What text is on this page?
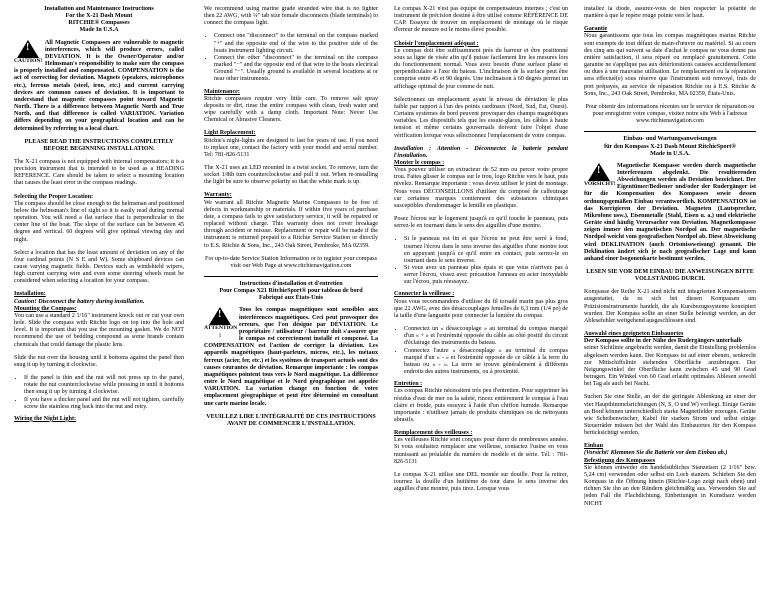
Installation and Maintenance Instructions
For the X-21 Dash Mount
RITCHIE® Compasses
Made In U.S.A
!
CAUTION!

All Magnetic Compasses are vulnerable to magnetic interferences, which will produce errors, called DEVIATION. It is the Owner/Operator and/or Helmsman's responsibility to make sure the compass is properly installed and compensated. COMPENSATION is the act of correcting for deviation. Magnets (speakers, microphones etc.), ferrous metals (steel, iron, etc.) and current carrying devices are common causes of deviation. It is important to understand that magnetic compasses point toward Magnetic North. There is a difference between Magnetic North and True North, and that difference is called VARIATION. Variation differs depending on your geographical location and can be determined by referring to a local chart.

PLEASE READ THE INSTRUCTIONS COMPLETELY BEFORE BEGINNING INSTALLATION.

The X-21 compass is not equipped with internal compensators; it is a precision instrument that is intended to be used as a HEADING REFERENCE. Care should be taken to select a mounting location that causes the least error in the compass readings.

Selecting the Proper Location:

The compass should be close enough to the helmsman and positioned below the helmsman's line of sight so it is easily read during normal operation. You will need a flat surface that is perpendicular to the center line of the boat. The slope of the surface can be between 45 degree and vertical. 60 degrees will give optimal viewing day and night.

Select a location that has the least amount of deviation on any of the four cardinal points (N S E and W). Some shipboard devices can cause varying magnetic fields. Devices such as windshield wipers, high current carrying wire and even some steering wheels must be considered when selecting a location for your compass.

Installation:
Caution! Disconnect the battery during installation.
Mounting the Compass:

You can use a standard 2 1/16" instrument knock out or cut your own hole. Slide the compass with Ritchie logo on top into the hole and level. It is important that you use the mounting gasket. We do NOT recommend the use of bedding compound as some brands contain chemicals that could damage the plastic lens.

Slide the nut over the housing until it bottoms against the panel then snug it up by turning it clockwise.

• If the panel is thin and the nut will not press up to the panel, rotate the nut counterclockwise while pressing in until it bottoms then snug it up by turning it clockwise.
• If you have a thicker panel and the nut will not tighten, carefully screw the stainless ring back into the nut and retry.
Wiring the Night Light:

We recommend using marine grade stranded wire that is no lighter then 22 AWG, with ¼" tab size female disconnects (blade terminals) to connect the compass light.

• Connect one "disconnect" to the terminal on the compass marked "+" and the opposite end of the wire to the positive side of the boats instrument lighting circuit.
• Connect the other "disconnect" to the terminal on the compass marked "−" and the opposite end of that wire to the boats electrical Ground "−". Usually ground is available in several locations at or near other instruments.
Maintenance:

Ritchie compasses require very little care. To remove salt spray deposits or dirt, rinse the entire compass with clean, fresh water and wipe carefully with a damp cloth. Important Note: Never Use Chemical or Abrasive Cleaners.

Light Replacement:

Ritchie's night-lights are designed to last for years of use. If you need to replace one, contact the factory with your model and serial number. Tel: 781-826-5131

The X-21 uses an LED mounted in a twist socket. To remove, turn the socket 1/8th turn counterclockwise and pull it out. When re-installing the light be sure to observe polarity so that the white mark is up.

Warranty:

We warrant all Ritchie Magnetic Marine Compasses to be free of defects in workmanship or materials. If within five years of purchase date, a compass fails to give satisfactory service, it will be repaired or replaced without charge. This warranty does not cover breakage through accident or misuse. Replacement or repair will be made if the instrument is returned prepaid to a Ritchie Service Station or directly to E.S. Ritchie & Sons, Inc., 243 Oak Street, Pembroke, MA 02359.

For up-to-date Service Station Information or to register your compass visit our Web Page at www.ritchienavigation.com

Instructions d'installation et d'entretien
Pour Compas X21 RitchieSport® pour tableau de bord
Fabriqué aux États-Unis
!
ATTENTION !

Tous les compas magnétiques sont sensibles aux interférences magnétiques. Ceci peut provoquer des erreurs, que l'on désigne par DÉVIATION. Le propriétaire / utilisateur / barreur doit s'assurer que le compas est correctement installé et compensé. La COMPENSATION est l'action de corriger la déviation. Les appareils magnétiques (haut-parleurs, micros, etc.), les métaux ferreux (acier, fer, etc.) et les systèmes de transport actuels sont des causes courantes de déviation. Remarque importante : les compas magnétiques pointent tous vers le Nord magnétique. La différence entre le Nord magnétique et le Nord géographique est appelée VARIATION. La variation change en fonction de votre emplacement géographique et peut être déterminé en consultant une carte marine locale.

VEUILLEZ LIRE L'INTÉGRALITÉ DE CES INSTRUCTIONS AVANT DE COMMENCER L'INSTALLATION.

Le compas X-21 n'est pas équipé de compensateurs internes ; c'est un instrument de précision destiné à être utilisé comme RÉFÉRENCE DE CAP. Essayez de trouver un emplacement de montage où le risque d'erreur de mesure est le moins élevé possible.

Choisir l'emplacement adéquat :

Le compas doit être suffisamment près du barreur et être positionné sous sa ligne de visée afin qu'il puisse facilement lire les mesures lors du fonctionnement normal. Vous avez besoin d'une surface plane et perpendiculaire à l'axe du bateau. L'inclinaison de la surface peut être comprise entre 45 et 90 degrés. Une inclinaison à 60 degrés permet un affichage optimal de jour comme de nuit.

Sélectionnez un emplacement ayant le niveau de déviation le plus faible par rapport à l'un des points cardinaux (Nord, Sud, Est, Ouest). Certains systèmes de bord peuvent provoquer des champs magnétiques variables. Les dispositifs tels que les essuie-glaces, les câbles à haute tension et même certains gouvernails doivent faire l'objet d'une vérification lorsque vous sélectionnez l'emplacement de votre compas.

Installation : Attention - Déconnectez la batterie pendant l'installation.
Monter le compas :

Vous pouvez utiliser un extracteur de 52 mm ou percer votre propre trou. Faites glisser le compas sur le trou, logo Ritchie vers le haut, puis nivelez. Remarque importante : vous devez utiliser le joint de montage. Nous vous DÉCONSEILLONS d'utiliser du composé de calfeutrage car certaines marques contiennent des substances chimiques susceptibles d'endommager la lentille en plastique.

Posez l'écrou sur le logement jusqu'à ce qu'il touche le panneau, puis serrez-le en tournant dans le sens des aiguilles d'une montre.

• Si le panneau est fin et que l'écrou ne peut être serré à fond, tournez l'écrou dans le sens inverse des aiguilles d'une montre tout en appuyant jusqu'à ce qu'il entre en contact, puis serrez-le en tournant dans le sens inverse.
• Si vous avez un panneau plus épais et que vous n'arrivez pas à serrer l'écrou, vissez avec précaution l'anneau en acier inoxydable sur l'écrou, puis réessayez.
Connecter la veilleuse :

Nous vous recommandons d'utiliser du fil torsadé marin pas plus gros que 22 AWG, avec des désaccouplages femelles de 6,3 mm (1/4 po) de la taille d'une languette pour connecter la lumière du compas.

• Connectez un « désaccouplage » au terminal du compas marqué d'un « + » et l'extrémité opposée du câble au côté positif du circuit d'éclairage des instruments du bateau.
• Connectez l'autre « désaccouplage » au terminal du compas marqué d'un « - » et l'extrémité opposée de ce câble à la terre du bateau ou « - ». La terre se trouve généralement à différents endroits des autres instruments, ou à proximité.
Entretien :

Les compas Ritchie nécessitent très peu d'entretien. Pour supprimer les résidus d'eau de mer ou la saleté, rincez entièrement le compas à l'eau claire et froide, puis essuyez à l'aide d'un chiffon humide. Remarque importante : n'utilisez jamais de produits chimiques ou de nettoyants abrasifs.

Remplacement des veilleuses :

Les veilleuses Ritchie sont conçues pour durer de nombreuses années. Si vous souhaitez remplacer une veilleuse, contactez l'usine en vous munissant au préalable du numéro de modèle et de série. Tél. : 781-826-5131

Le compas X-21 utilise une DEL montée sur douille. Pour la retirer, tournez la douille d'un huitième de tour dans le sens inverse des aiguilles d'une montre, puis tirez. Lorsque vous

installez la diode, assurez-vous de bien respecter la polarité de manière à que le repère rouge pointe vers le haut.

Garantie

Nous garantissons que tous les compas magnétiques marins Ritchie sont exempts de tout défaut de main-d'œuvre ou matériel. Si au cours des cinq ans qui suivent sa date d'achat le compas ne vous donne pas entière satisfaction, il sera réparé ou remplacé gratuitement. Cette garantie ne s'applique pas aux détériorations causées accidentellement ou dues à une mauvaise utilisation. Le remplacement ou la réparation sera effectué(e) sous réserve que l'instrument soit renvoyé, frais de port prépayés, au service de réparation Ritchie ou à E.S. Ritchie & Sons, Inc., 243 Oak Street, Pembroke, MA 02359, États-Unis.

Pour obtenir des informations récentes sur le service de réparation ou pour enregistrer votre compas, visitez notre site Web à l'adresse www.ritchienavigation.com

Einbau- und Wartungsanweisungen
für den Kompass X-21 Dash Mount RitchieSport®
Made in U.S.A.
!
VORSICHT!

Magnetische Kompasse werden durch magnetische Interferenzen abgelenkt. Die resultierenden Abweichungen werden als Deviation bezeichnet. Der Eigentümer/Bediener und/oder der Rudergänger ist für die Kompensation des Kompasses sowie dessen ordnungsgemäßen Einbau verantwortlich. KOMPENSATION ist das Korrigieren der Deviation. Magneten (Lautsprecher, Mikrofone usw.), Eisenmetalle (Stahl, Eisen u. a.) und elektrische Geräte sind häufig Verursacher von Deviation. Magnetkompasse zeigen immer den magnetischen Nordpol an. Der magnetische Nordpol weicht vom geografischen Nordpol ab. Diese Abweichung wird DEKLINATION (auch Ortsmissweisung) genannt. Die Deklination ändert sich je nach geografischer Lage und kann anhand einer Isogonenkarte bestimmt werden.

LESEN SIE VOR DEM EINBAU DIE ANWEISUNGEN BITTE VOLLSTÄNDIG DURCH.

Kompasse der Reihe X-21 sind nicht mit integrierten Kompensatoren ausgestattet, da es sich bei diesen Kompassen um Präzisionsinstrumente handelt, die als Kursbezugssysteme konzipiert wurden. Der Kompass sollte an einer Stelle befestigt werden, an der Ablesefehler weitgehend ausgeschlossen sind.

Auswahl eines geeigneten Einbauortes
Der Kompass sollte in der Nähe des Rudergängers unterhalb

seiner Sichtlinie angebracht werden, damit die Einstellung problemlos abgelesen werden kann. Der Kompass ist auf einer ebenen, senkrecht zur Mittschiffslinie stehenden Oberfläche anzubringen. Der Neigungswinkel der Oberfläche kann zwischen 45 und 90 Grad betragen. Ein Winkel von 60 Grad erlaubt optimales Ablesen sowohl bei Tag als auch bei Nacht.

Suchen Sie eine Stelle, an der die geringste Ablenkung an einer der vier Haupthimmelsrichtungen (N, S, O und W) vorliegt. Einige Geräte an Bord können unterschiedlich starke Magnetfelder erzeugen. Geräte wie Scheibenwischer, Kabel für starken Strom und selbst einige Steuerräder müssen bei der Wahl des Einbauortes für den Kompass berücksichtigt werden.

Einbau
(Vorsicht! Klemmen Sie die Batterie vor dem Einbau ab.)
Befestigung des Kompasses

Sie können entweder ein handelsübliches Stanzeisen (2 1/16" bzw. 5,24 cm) verwenden oder selbst ein Loch stanzen. Schieben Sie den Kompass in die Öffnung hinein (Ritchie-Logo zeigt nach oben) und richten Sie ihn an den Rändern gleichmäßig aus. Verwenden Sie auf jeden Fall die Flachdichtung. Einbettungen in Kunstharz werden NICHT
